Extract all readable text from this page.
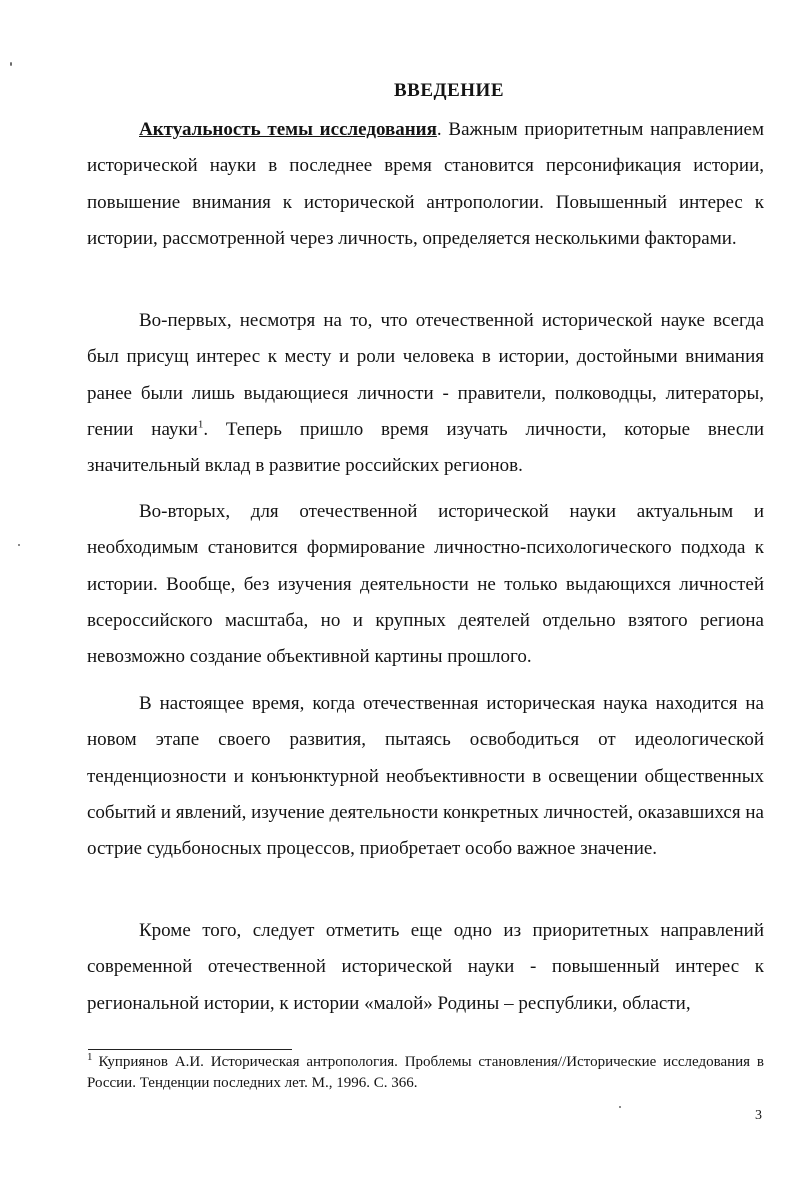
ВВЕДЕНИЕ

Актуальность темы исследования. Важным приоритетным направлением исторической науки в последнее время становится персонификация истории, повышение внимания к исторической антропологии. Повышенный интерес к истории, рассмотренной через личность, определяется несколькими факторами.

Во-первых, несмотря на то, что отечественной исторической науке всегда был присущ интерес к месту и роли человека в истории, достойными внимания ранее были лишь выдающиеся личности - правители, полководцы, литераторы, гении науки$^1$. Теперь пришло время изучать личности, которые внесли значительный вклад в развитие российских регионов.

Во-вторых, для отечественной исторической науки актуальным и необходимым становится формирование личностно-психологического подхода к истории. Вообще, без изучения деятельности не только выдающихся личностей всероссийского масштаба, но и крупных деятелей отдельно взятого региона невозможно создание объективной картины прошлого.

В настоящее время, когда отечественная историческая наука находится на новом этапе своего развития, пытаясь освободиться от идеологической тенденциозности и конъюнктурной необъективности в освещении общественных событий и явлений, изучение деятельности конкретных личностей, оказавшихся на острие судьбоносных процессов, приобретает особо важное значение.

Кроме того, следует отметить еще одно из приоритетных направлений современной отечественной исторической науки - повышенный интерес к региональной истории, к истории «малой» Родины – республики, области,

$^1$ Куприянов А.И. Историческая антропология. Проблемы становления//Исторические исследования в России. Тенденции последних лет. М., 1996. С. 366.

3
